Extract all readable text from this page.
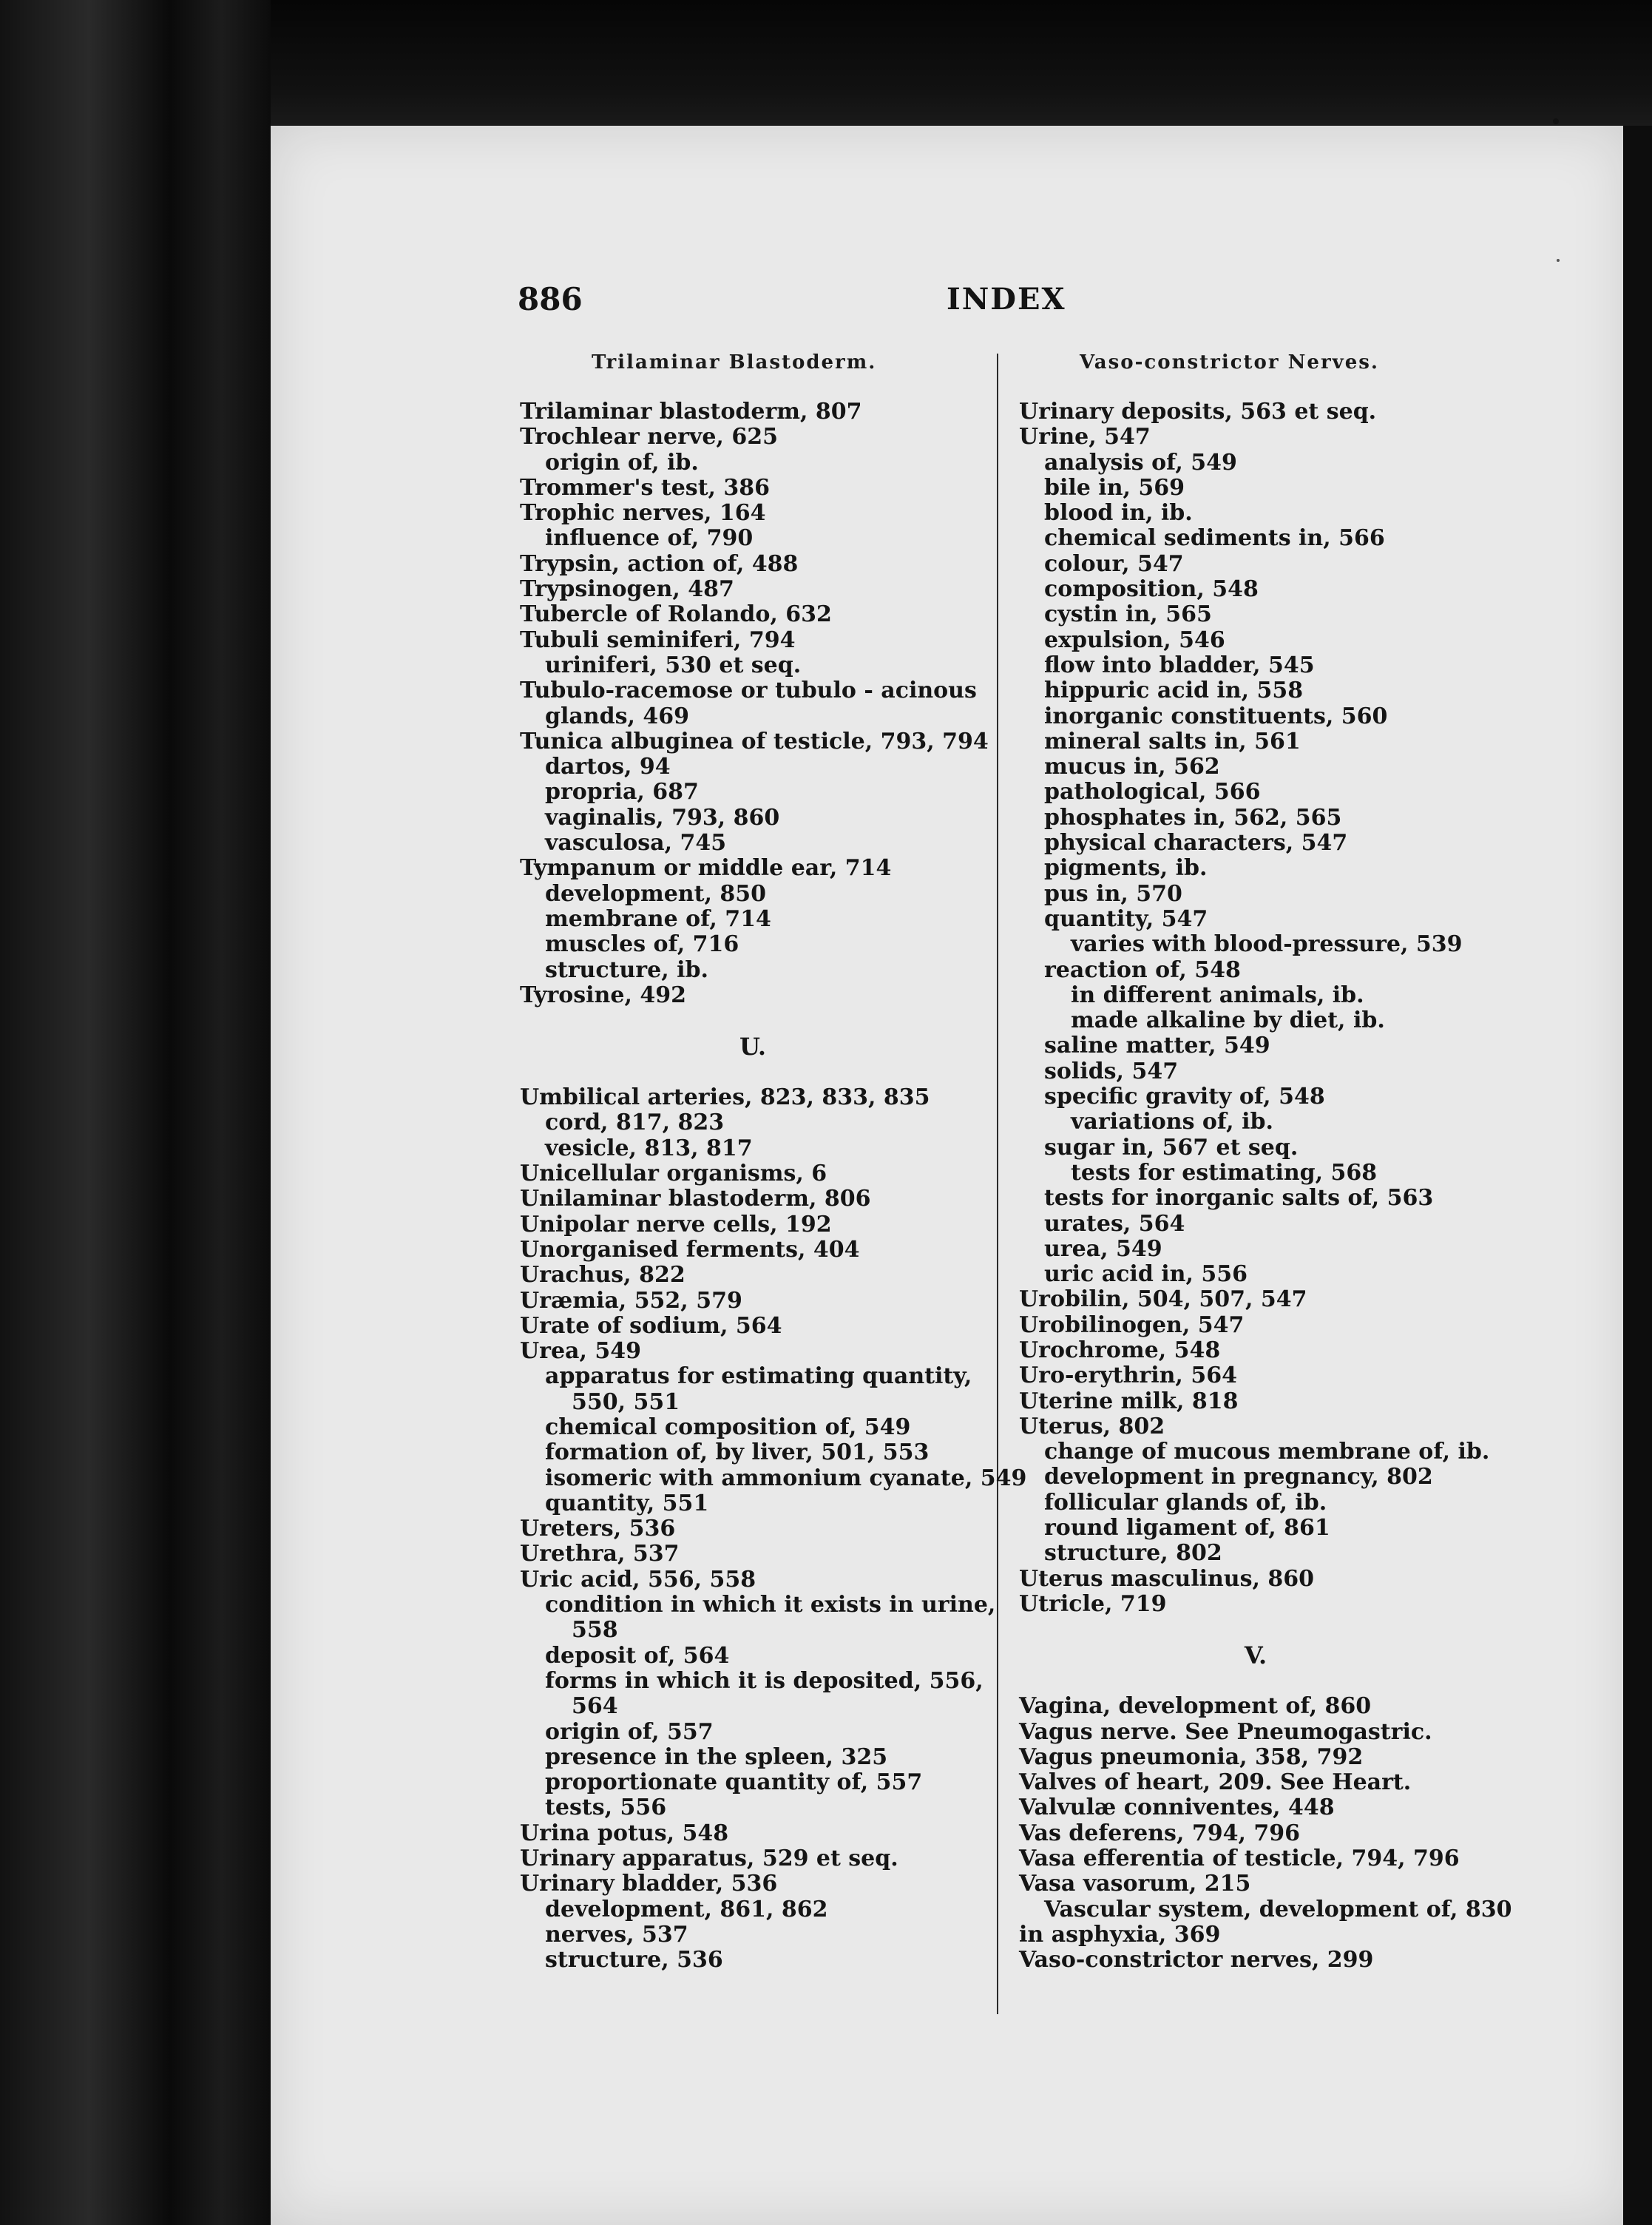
886	INDEX
Trilaminar Blastoderm.	Vaso-constrictor Nerves.
Trilaminar blastoderm, 807
Trochlear nerve, 625
origin of, ib.
Trommer's test, 386
Trophic nerves, 164
influence of, 790
Trypsin, action of, 488
Trypsinogen, 487
Tubercle of Rolando, 632
Tubuli seminiferi, 794
uriniferi, 530 et seq.
Tubulo-racemose or tubulo - acinous
glands, 469
Tunica albuginea of testicle, 793, 794
dartos, 94
propria, 687
vaginalis, 793, 860
vasculosa, 745
Tympanum or middle ear, 714
development, 850
membrane of, 714
muscles of, 716
structure, ib.
Tyrosine, 492
U.
Umbilical arteries, 823, 833, 835
cord, 817, 823
vesicle, 813, 817
Unicellular organisms, 6
Unilaminar blastoderm, 806
Unipolar nerve cells, 192
Unorganised ferments, 404
Urachus, 822
Uræmia, 552, 579
Urate of sodium, 564
Urea, 549
apparatus for estimating quantity,
550, 551
chemical composition of, 549
formation of, by liver, 501, 553
isomeric with ammonium cyanate, 549
quantity, 551
Ureters, 536
Urethra, 537
Uric acid, 556, 558
condition in which it exists in urine,
558
deposit of, 564
forms in which it is deposited, 556,
564
origin of, 557
presence in the spleen, 325
proportionate quantity of, 557
tests, 556
Urina potus, 548
Urinary apparatus, 529 et seq.
Urinary bladder, 536
development, 861, 862
nerves, 537
structure, 536
Urinary deposits, 563 et seq.
Urine, 547
analysis of, 549
bile in, 569
blood in, ib.
chemical sediments in, 566
colour, 547
composition, 548
cystin in, 565
expulsion, 546
flow into bladder, 545
hippuric acid in, 558
inorganic constituents, 560
mineral salts in, 561
mucus in, 562
pathological, 566
phosphates in, 562, 565
physical characters, 547
pigments, ib.
pus in, 570
quantity, 547
varies with blood-pressure, 539
reaction of, 548
in different animals, ib.
made alkaline by diet, ib.
saline matter, 549
solids, 547
specific gravity of, 548
variations of, ib.
sugar in, 567 et seq.
tests for estimating, 568
tests for inorganic salts of, 563
urates, 564
urea, 549
uric acid in, 556
Urobilin, 504, 507, 547
Urobilinogen, 547
Urochrome, 548
Uro-erythrin, 564
Uterine milk, 818
Uterus, 802
change of mucous membrane of, ib.
development in pregnancy, 802
follicular glands of, ib.
round ligament of, 861
structure, 802
Uterus masculinus, 860
Utricle, 719
V.
Vagina, development of, 860
Vagus nerve. See Pneumogastric.
Vagus pneumonia, 358, 792
Valves of heart, 209. See Heart.
Valvulæ conniventes, 448
Vas deferens, 794, 796
Vasa efferentia of testicle, 794, 796
Vasa vasorum, 215
Vascular system, development of, 830
in asphyxia, 369
Vaso-constrictor nerves, 299
